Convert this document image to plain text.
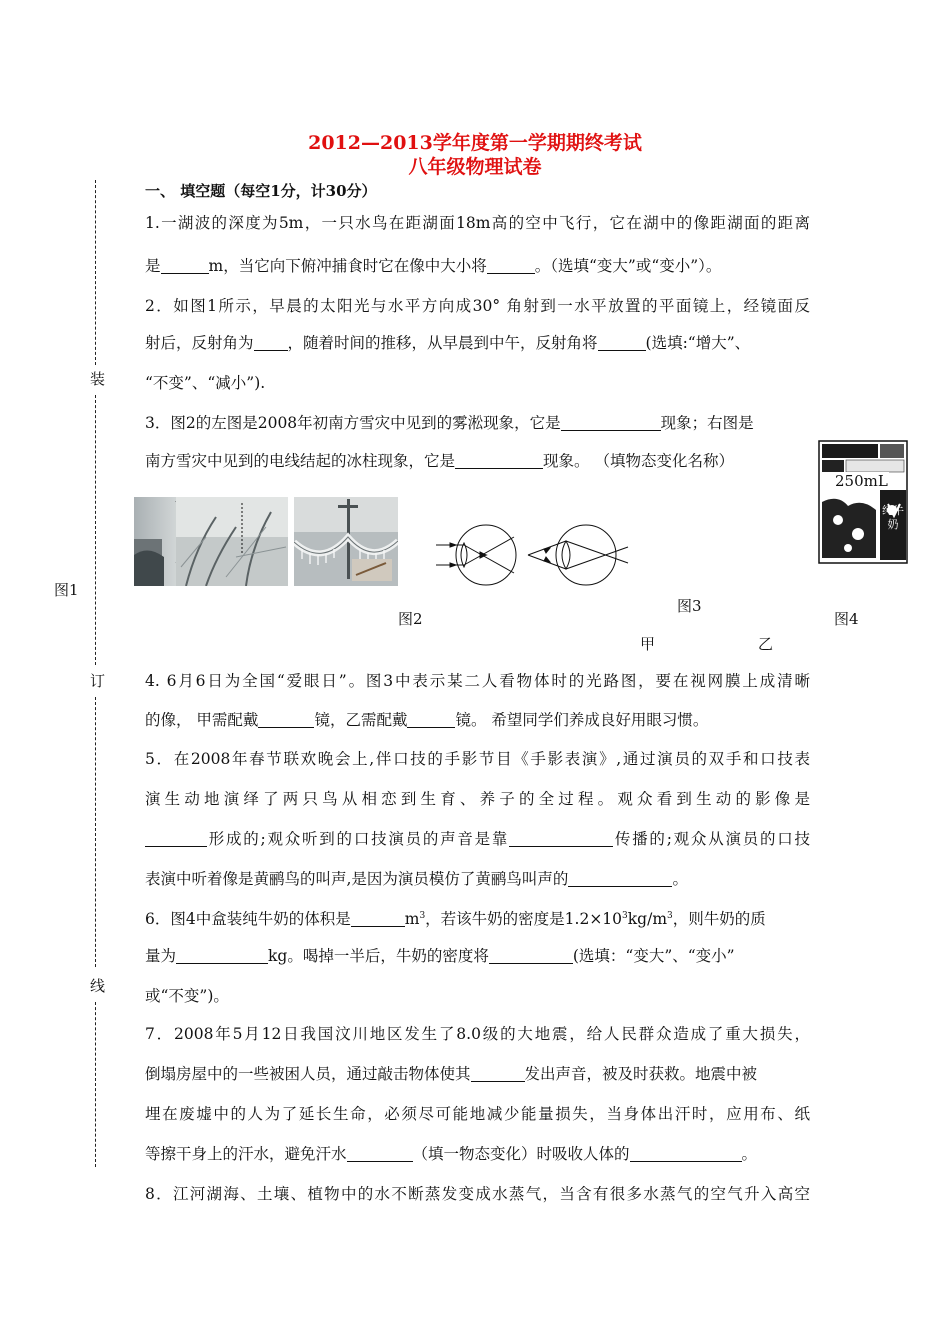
2012—2013学年度第一学期期终考试
八年级物理试卷
装
订
线
一、 填空题（每空1分，计30分）
1.一湖波的深度为5m，一只水鸟在距湖面18m高的空中飞行，它在湖中的像距湖面的距离
是	m，当它向下俯冲捕食时它在像中大小将	。（选填“变大”或“变小”）。
2．如图1所示，早晨的太阳光与水平方向成30° 角射到一水平放置的平面镜上，经镜面反
射后，反射角为 ，随着时间的推移，从早晨到中午，反射角将	(选填:“增大”、
“不变”、“减小”).
3．图2的左图是2008年初南方雪灾中见到的雾淞现象，它是	现象；右图是
南方雪灾中见到的电线结起的冰柱现象，它是	现象。 （填物态变化名称）
250mL
纯牛奶
图1
图2
图3
图4
甲	乙
4. 6月6日为全国“爱眼日”。图3中表示某二人看物体时的光路图，要在视网膜上成清晰
的像， 甲需配戴	镜，乙需配戴	镜。 希望同学们养成良好用眼习惯。
5．在2008年春节联欢晚会上,伴口技的手影节目《手影表演》,通过演员的双手和口技表
演生动地演绎了两只鸟从相恋到生育、养子的全过程。观众看到生动的影像是
形成的;观众听到的口技演员的声音是靠	传播的;观众从演员的口技
表演中听着像是黄鹂鸟的叫声,是因为演员模仿了黄鹂鸟叫声的	。
6．图4中盒装纯牛奶的体积是	$m^3$，若该牛奶的密度是$1.2\times 10^3kg/m^3$，则牛奶的质
量为	kg。喝掉一半后，牛奶的密度将	(选填：“变大”、“变小”
或“不变”)。
7．2008年5月12日我国汶川地区发生了8.0级的大地震，给人民群众造成了重大损失，
倒塌房屋中的一些被困人员，通过敲击物体使其	发出声音，被及时获救。地震中被
埋在废墟中的人为了延长生命，必须尽可能地减少能量损失，当身体出汗时，应用布、纸
等擦干身上的汗水，避免汗水	（填一物态变化）时吸收人体的	。
8．江河湖海、土壤、植物中的水不断蒸发变成水蒸气，当含有很多水蒸气的空气升入高空
